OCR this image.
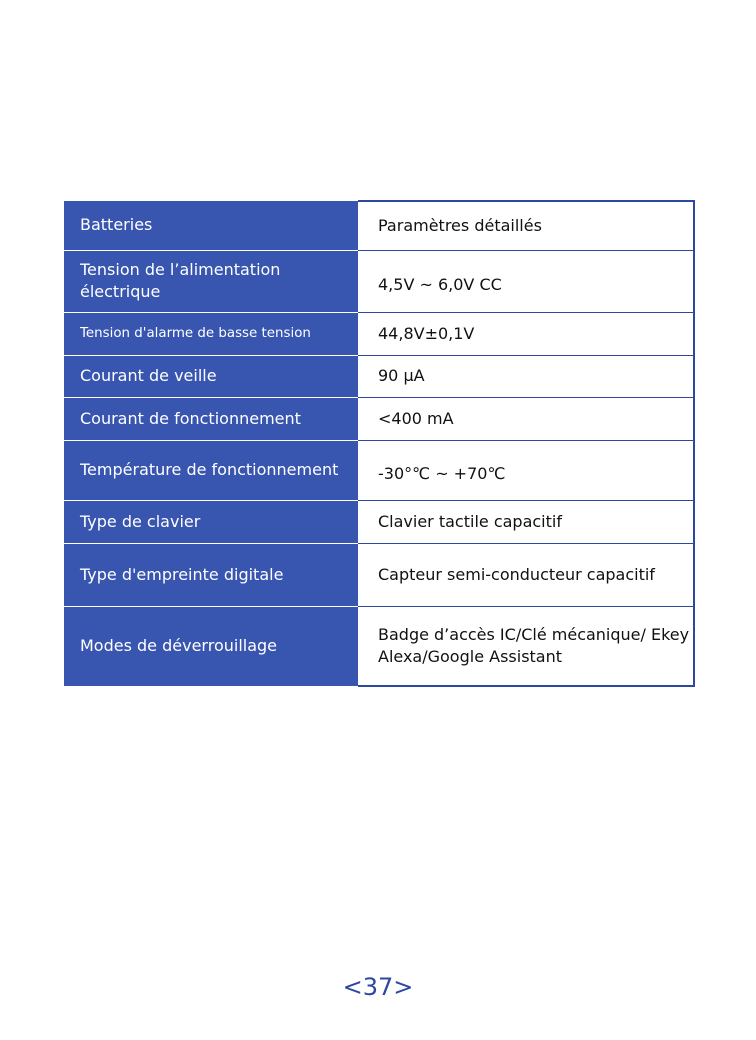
Batteries	Paramètres détaillés
Tension de l’alimentation électrique	4,5V ~ 6,0V CC
Tension d'alarme de basse tension	44,8V±0,1V
Courant de veille	90 μA
Courant de fonctionnement	<400 mA
Température de fonctionnement	-30°℃ ~ +70℃
Type de clavier	Clavier tactile capacitif
Type d'empreinte digitale	Capteur semi-conducteur capacitif
Modes de déverrouillage	Badge d’accès IC/Clé mécanique/ Ekey Alexa/Google Assistant
<37>
